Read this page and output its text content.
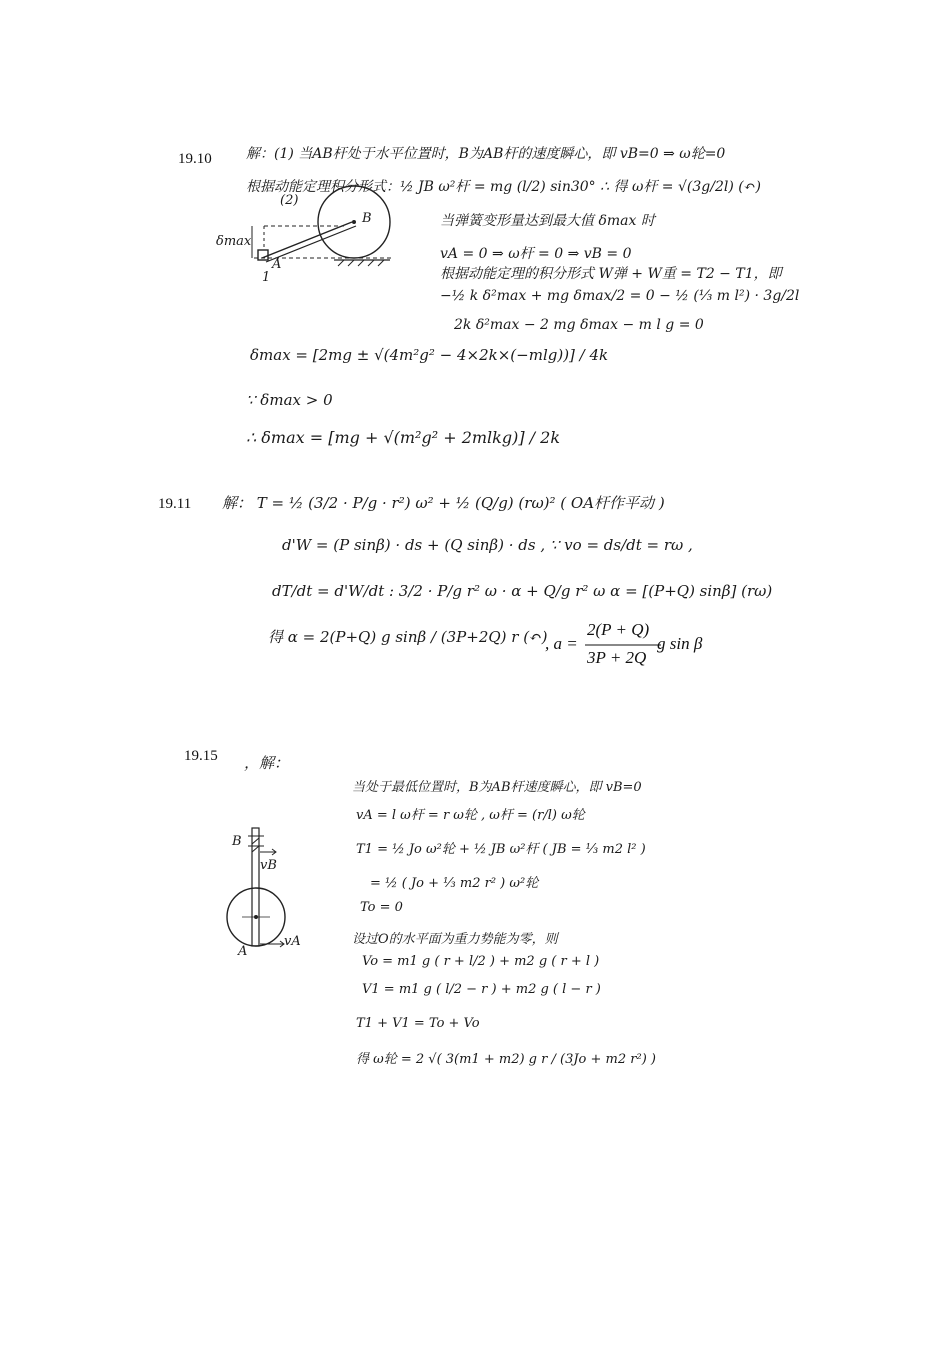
19.10 解：(1) 当AB杆处于水平位置时，B为AB杆的速度瞬心，即 vB=0 ⇒ ω轮=0
根据动能定理积分形式：½ JB ω²杆 = mg (l/2) sin30° ∴ 得 ω杆 = √(3g/2l) (↶)
(2)
B
A
δmax
1
当弹簧变形量达到最大值 δmax 时
vA = 0 ⇒ ω杆 = 0 ⇒ vB = 0
根据动能定理的积分形式 W弹 + W重 = T2 − T1，即
−½ k δ²max + mg δmax/2 = 0 − ½ (⅓ m l²) · 3g/2l
2k δ²max − 2 mg δmax − m l g = 0
δmax = [2mg ± √(4m²g² − 4×2k×(−mlg))] / 4k
∵ δmax > 0
∴ δmax = [mg + √(m²g² + 2mlkg)] / 2k
19.11 解： T = ½ (3/2 · P/g · r²) ω² + ½ (Q/g) (rω)² ( OA杆作平动 )
d'W = (P sinβ) · ds + (Q sinβ) · ds , ∵ vo = ds/dt = rω ,
dT/dt = d'W/dt : 3/2 · P/g r² ω · α + Q/g r² ω α = [(P+Q) sinβ] (rω)
得 α = 2(P+Q) g sinβ / (3P+2Q) r (↶)
, a =
2(P + Q)
3P + 2Q
g sin β
19.15 ，解：
当处于最低位置时，B为AB杆速度瞬心，即 vB=0
vA = l ω杆 = r ω轮 , ω杆 = (r/l) ω轮
T1 = ½ Jo ω²轮 + ½ JB ω²杆 ( JB = ⅓ m2 l² )
= ½ ( Jo + ⅓ m2 r² ) ω²轮
To = 0
设过O的水平面为重力势能为零，则
Vo = m1 g ( r + l/2 ) + m2 g ( r + l )
V1 = m1 g ( l/2 − r ) + m2 g ( l − r )
T1 + V1 = To + Vo
得 ω轮 = 2 √( 3(m1 + m2) g r / (3Jo + m2 r²) )
B
vB
A
vA
